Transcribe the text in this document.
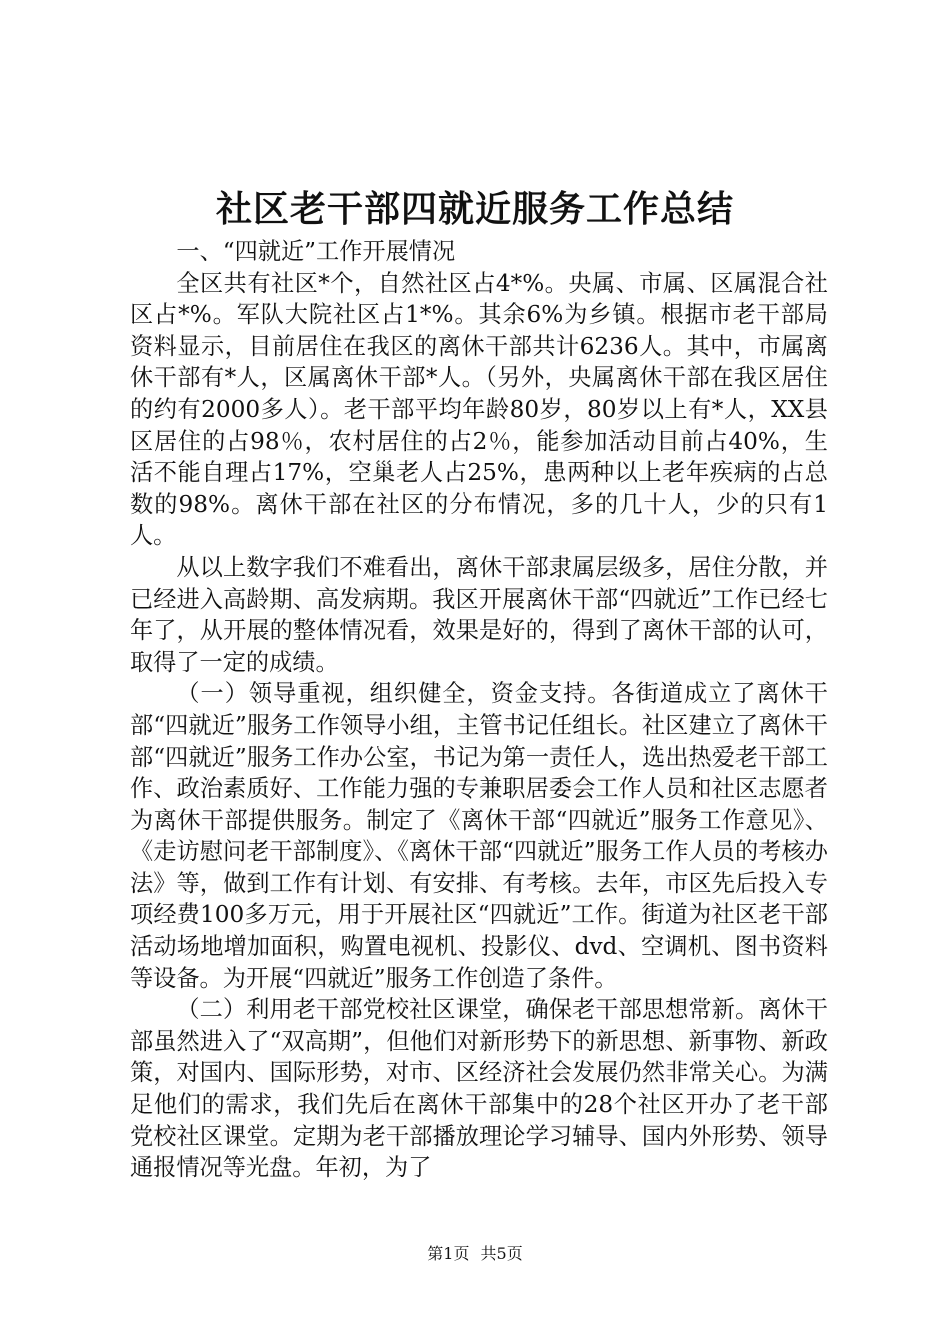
社区老干部四就近服务工作总结

一、“四就近”工作开展情况

全区共有社区*个，自然社区占4*%。央属、市属、区属混合社区占*%。军队大院社区占1*%。其余6%为乡镇。根据市老干部局资料显示，目前居住在我区的离休干部共计6236人。其中，市属离休干部有*人，区属离休干部*人。（另外，央属离休干部在我区居住的约有2000多人）。老干部平均年龄80岁，80岁以上有*人，XX县区居住的占98％，农村居住的占2％，能参加活动目前占40%，生活不能自理占17%，空巢老人占25%，患两种以上老年疾病的占总数的98%。离休干部在社区的分布情况，多的几十人，少的只有1人。

从以上数字我们不难看出，离休干部隶属层级多，居住分散，并已经进入高龄期、高发病期。我区开展离休干部“四就近”工作已经七年了，从开展的整体情况看，效果是好的，得到了离休干部的认可，取得了一定的成绩。

（一）领导重视，组织健全，资金支持。各街道成立了离休干部“四就近”服务工作领导小组，主管书记任组长。社区建立了离休干部“四就近”服务工作办公室，书记为第一责任人，选出热爱老干部工作、政治素质好、工作能力强的专兼职居委会工作人员和社区志愿者为离休干部提供服务。制定了《离休干部“四就近”服务工作意见》、《走访慰问老干部制度》、《离休干部“四就近”服务工作人员的考核办法》等，做到工作有计划、有安排、有考核。去年，市区先后投入专项经费100多万元，用于开展社区“四就近”工作。街道为社区老干部活动场地增加面积，购置电视机、投影仪、dvd、空调机、图书资料等设备。为开展“四就近”服务工作创造了条件。

（二）利用老干部党校社区课堂，确保老干部思想常新。离休干部虽然进入了“双高期”，但他们对新形势下的新思想、新事物、新政策，对国内、国际形势，对市、区经济社会发展仍然非常关心。为满足他们的需求，我们先后在离休干部集中的28个社区开办了老干部党校社区课堂。定期为老干部播放理论学习辅导、国内外形势、领导通报情况等光盘。年初，为了

第1页 共5页
